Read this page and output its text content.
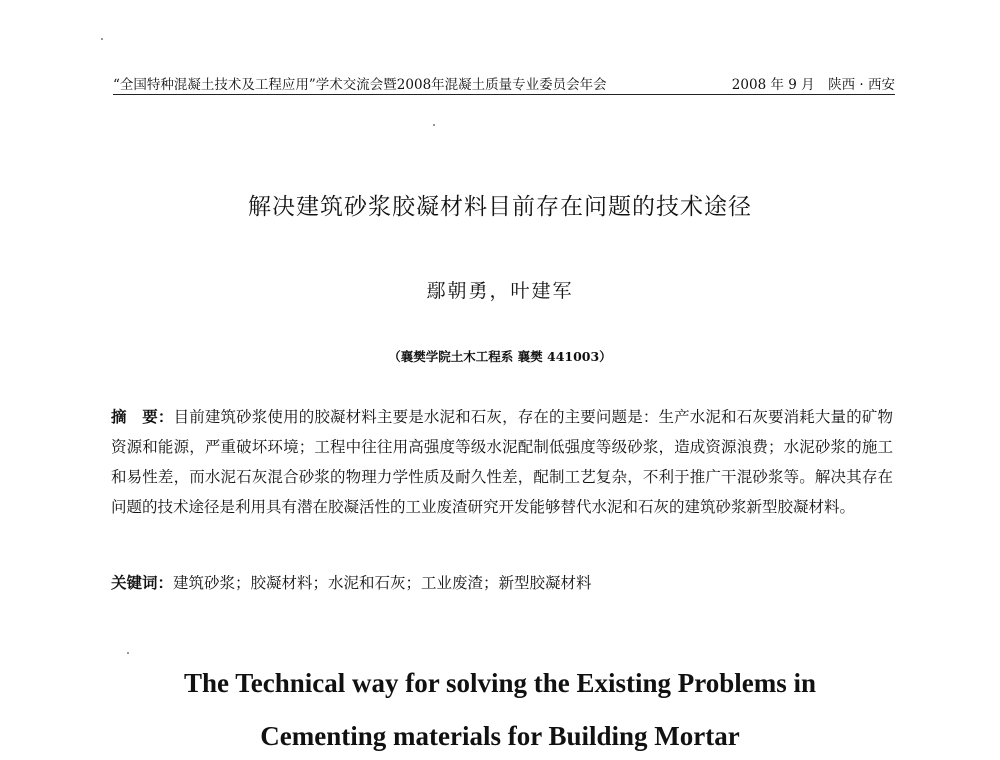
“全国特种混凝土技术及工程应用”学术交流会暨2008年混凝土质量专业委员会年会	2008 年 9 月　陕西 · 西安
解决建筑砂浆胶凝材料目前存在问题的技术途径
鄢朝勇，叶建军
（襄樊学院土木工程系 襄樊 441003）
摘　要：目前建筑砂浆使用的胶凝材料主要是水泥和石灰，存在的主要问题是：生产水泥和石灰要消耗大量的矿物资源和能源，严重破坏环境；工程中往往用高强度等级水泥配制低强度等级砂浆，造成资源浪费；水泥砂浆的施工和易性差，而水泥石灰混合砂浆的物理力学性质及耐久性差，配制工艺复杂，不利于推广干混砂浆等。解决其存在问题的技术途径是利用具有潜在胶凝活性的工业废渣研究开发能够替代水泥和石灰的建筑砂浆新型胶凝材料。
关键词：建筑砂浆；胶凝材料；水泥和石灰；工业废渣；新型胶凝材料
The Technical way for solving the Existing Problems in
Cementing materials for Building Mortar
